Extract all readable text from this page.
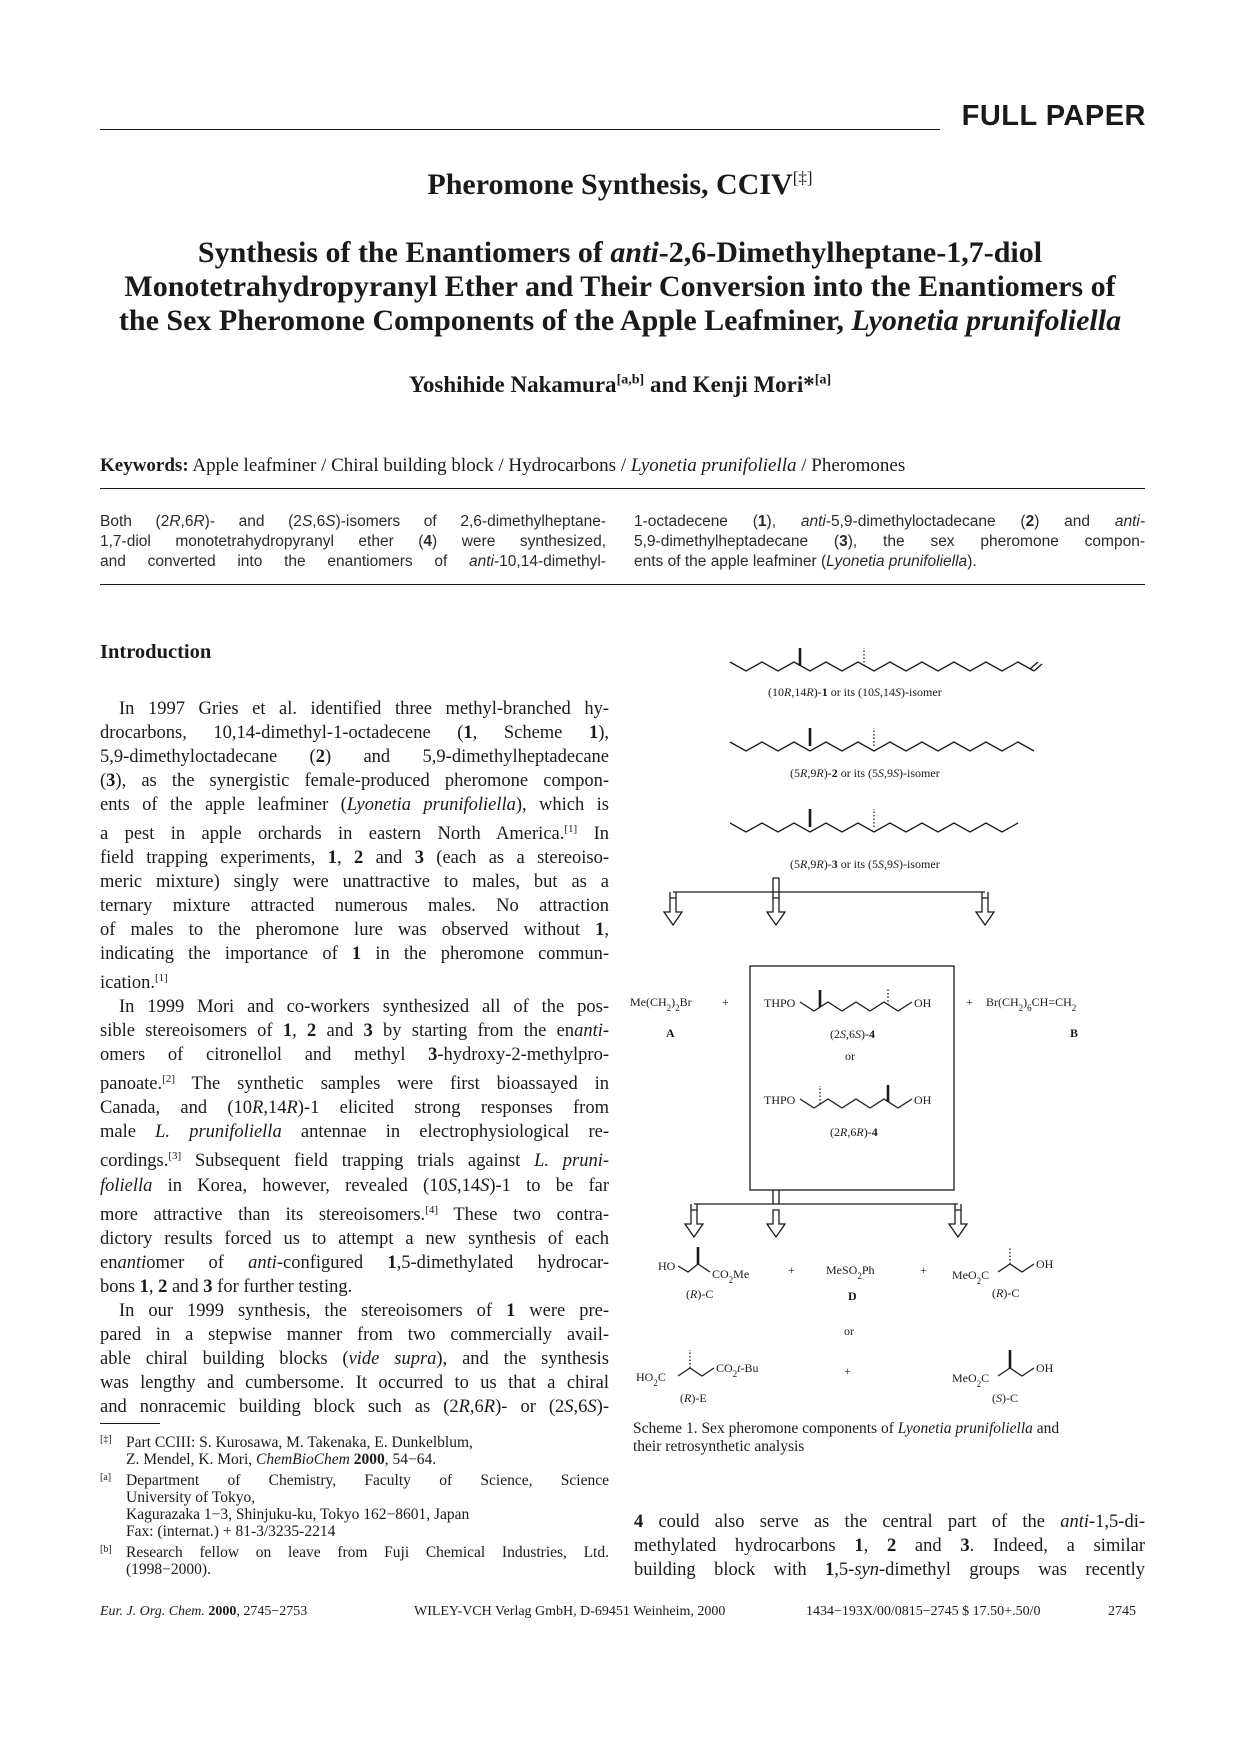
FULL PAPER
Pheromone Synthesis, CCIV[‡]
Synthesis of the Enantiomers of anti-2,6-Dimethylheptane-1,7-diol
Monotetrahydropyranyl Ether and Their Conversion into the Enantiomers of
the Sex Pheromone Components of the Apple Leafminer, Lyonetia prunifoliella
Yoshihide Nakamura[a,b] and Kenji Mori*[a]
Keywords: Apple leafminer / Chiral building block / Hydrocarbons / Lyonetia prunifoliella / Pheromones
Both (2R,6R)- and (2S,6S)-isomers of 2,6-dimethylheptane-
1,7-diol monotetrahydropyranyl ether (4) were synthesized,
and converted into the enantiomers of anti-10,14-dimethyl-
1-octadecene (1), anti-5,9-dimethyloctadecane (2) and anti-
5,9-dimethylheptadecane (3), the sex pheromone compon-
ents of the apple leafminer (Lyonetia prunifoliella).
Introduction
In 1997 Gries et al. identified three methyl-branched hy-
drocarbons, 10,14-dimethyl-1-octadecene (1, Scheme 1),
5,9-dimethyloctadecane (2) and 5,9-dimethylheptadecane
(3), as the synergistic female-produced pheromone compon-
ents of the apple leafminer (Lyonetia prunifoliella), which is
a pest in apple orchards in eastern North America.[1] In
field trapping experiments, 1, 2 and 3 (each as a stereoiso-
meric mixture) singly were unattractive to males, but as a
ternary mixture attracted numerous males. No attraction
of males to the pheromone lure was observed without 1,
indicating the importance of 1 in the pheromone commun-
ication.[1]
In 1999 Mori and co-workers synthesized all of the pos-
sible stereoisomers of 1, 2 and 3 by starting from the enanti-
omers of citronellol and methyl 3-hydroxy-2-methylpro-
panoate.[2] The synthetic samples were first bioassayed in
Canada, and (10R,14R)-1 elicited strong responses from
male L. prunifoliella antennae in electrophysiological re-
cordings.[3] Subsequent field trapping trials against L. pruni-
foliella in Korea, however, revealed (10S,14S)-1 to be far
more attractive than its stereoisomers.[4] These two contra-
dictory results forced us to attempt a new synthesis of each
enantiomer of anti-configured 1,5-dimethylated hydrocar-
bons 1, 2 and 3 for further testing.
In our 1999 synthesis, the stereoisomers of 1 were pre-
pared in a stepwise manner from two commercially avail-
able chiral building blocks (vide supra), and the synthesis
was lengthy and cumbersome. It occurred to us that a chiral
and nonracemic building block such as (2R,6R)- or (2S,6S)-
[‡] Part CCIII: S. Kurosawa, M. Takenaka, E. Dunkelblum,
Z. Mendel, K. Mori, ChemBioChem 2000, 54−64.
[a] Department of Chemistry, Faculty of Science, Science
University of Tokyo,
Kagurazaka 1−3, Shinjuku-ku, Tokyo 162−8601, Japan
Fax: (internat.) + 81-3/3235-2214
[b] Research fellow on leave from Fuji Chemical Industries, Ltd.
(1998−2000).
(10R,14R)-1 or its (10S,14S)-isomer
(5R,9R)-2 or its (5S,9S)-isomer
(5R,9R)-3 or its (5S,9S)-isomer
$Me(CH_2)_2Br$
A
+	THPO	OH
(2S,6S)-4
or
THPO	OH
(2R,6R)-4
+ $Br(CH_2)_6CH=CH_2$
B
HO
$CO_2Me$
(R)-C
+	MeSO$_2$Ph
D
+ MeO$_2$C
OH
(R)-C
or
$HO_2C$
$CO_2t-Bu$
(R)-E
+	MeO$_2$C
OH
(S)-C
Scheme 1. Sex pheromone components of Lyonetia prunifoliella and
their retrosynthetic analysis
4 could also serve as the central part of the anti-1,5-di-
methylated hydrocarbons 1, 2 and 3. Indeed, a similar
building block with 1,5-syn-dimethyl groups was recently
Eur. J. Org. Chem. 2000, 2745−2753	WILEY-VCH Verlag GmbH, D-69451 Weinheim, 2000	1434−193X/00/0815−2745 $ 17.50+.50/0	2745
